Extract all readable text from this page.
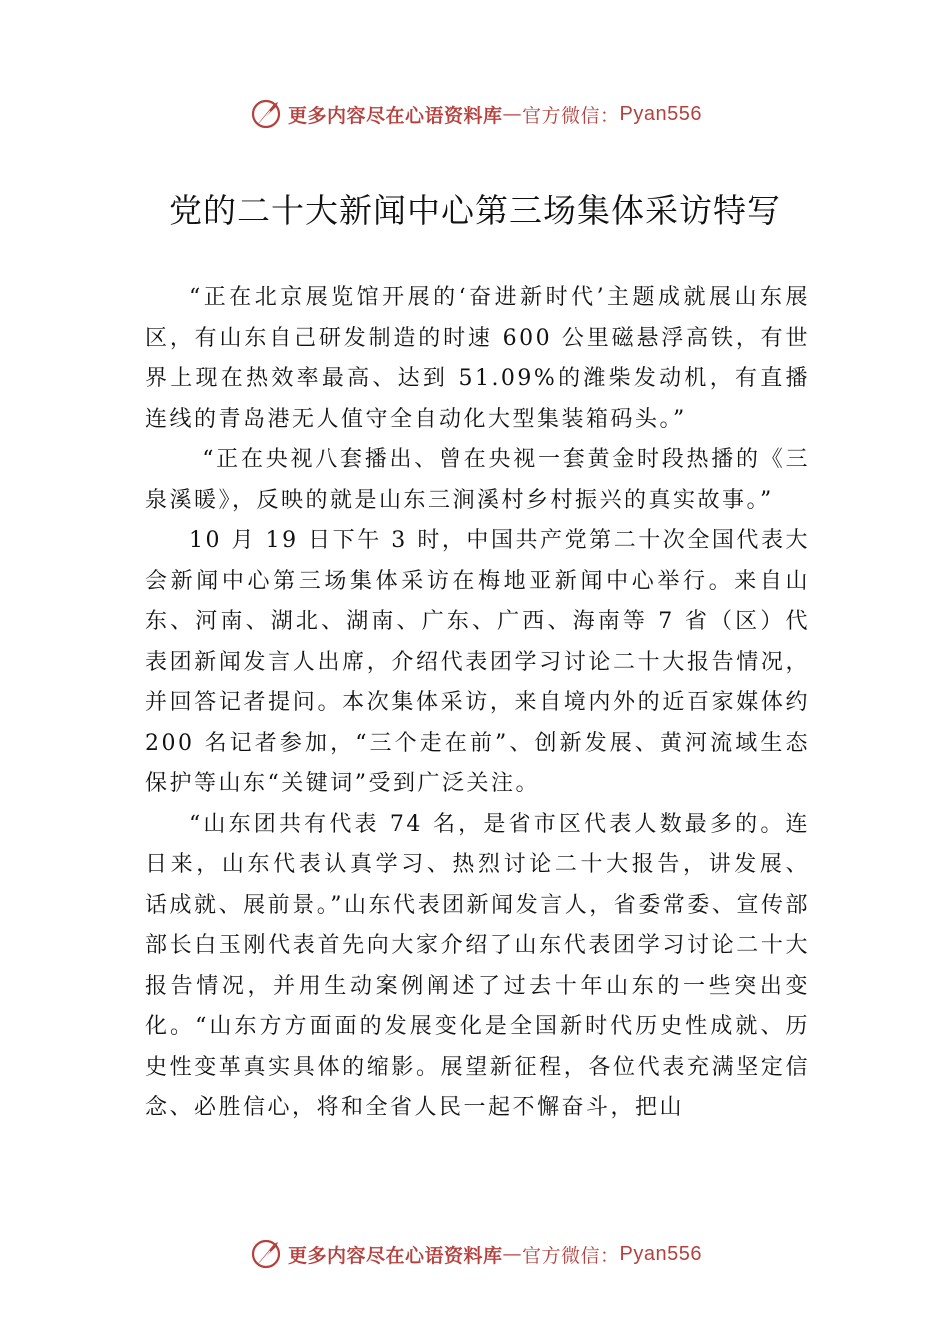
更多内容尽在心语资料库 — 官方微信： Pyan556
党的二十大新闻中心第三场集体采访特写

“正在北京展览馆开展的‘奋进新时代’主题成就展山东展区，有山东自己研发制造的时速 600 公里磁悬浮高铁，有世界上现在热效率最高、达到 51.09%的潍柴发动机，有直播连线的青岛港无人值守全自动化大型集装箱码头。”

“正在央视八套播出、曾在央视一套黄金时段热播的《三泉溪暖》，反映的就是山东三涧溪村乡村振兴的真实故事。”

10 月 19 日下午 3 时，中国共产党第二十次全国代表大会新闻中心第三场集体采访在梅地亚新闻中心举行。来自山东、河南、湖北、湖南、广东、广西、海南等 7 省（区）代表团新闻发言人出席，介绍代表团学习讨论二十大报告情况，并回答记者提问。本次集体采访，来自境内外的近百家媒体约 200 名记者参加，“三个走在前”、创新发展、黄河流域生态保护等山东“关键词”受到广泛关注。

“山东团共有代表 74 名，是省市区代表人数最多的。连日来，山东代表认真学习、热烈讨论二十大报告，讲发展、 话成就、展前景。”山东代表团新闻发言人，省委常委、宣传部部长白玉刚代表首先向大家介绍了山东代表团学习讨论二十大报告情况，并用生动案例阐述了过去十年山东的一些突出变化。“山东方方面面的发展变化是全国新时代历史性成就、历史性变革真实具体的缩影。展望新征程，各位代表充满坚定信念、必胜信心，将和全省人民一起不懈奋斗，把山

更多内容尽在心语资料库 — 官方微信： Pyan556
